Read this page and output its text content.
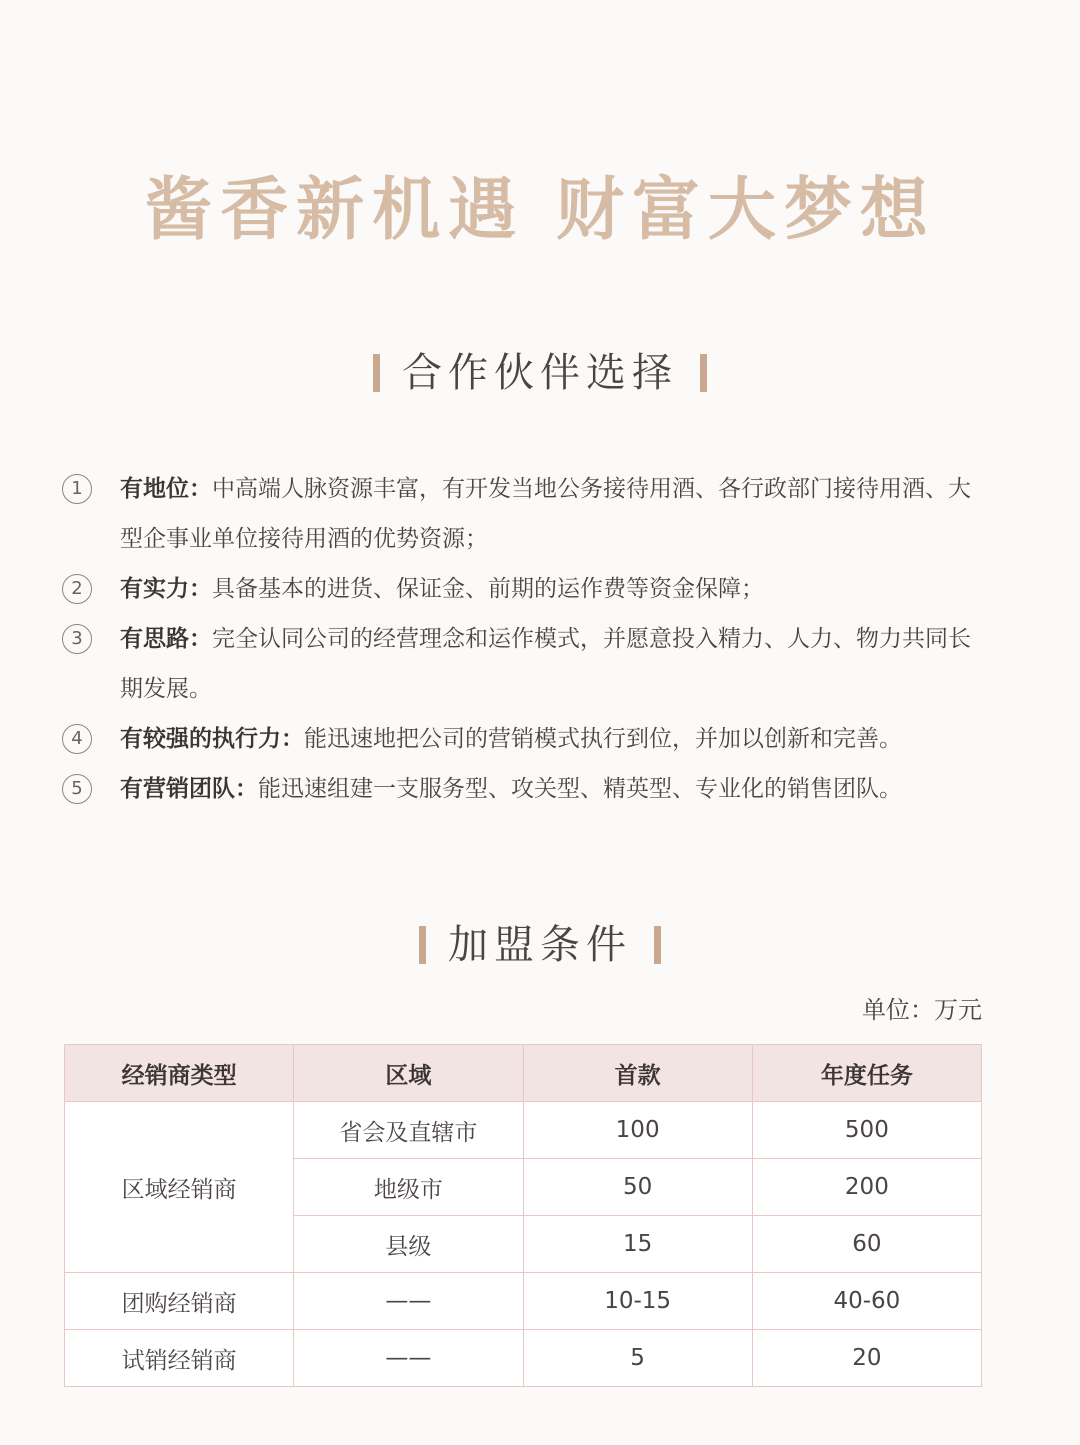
酱香新机遇 财富大梦想
合作伙伴选择
1	有地位：中高端人脉资源丰富，有开发当地公务接待用酒、各行政部门接待用酒、大型企事业单位接待用酒的优势资源；
2	有实力：具备基本的进货、保证金、前期的运作费等资金保障；
3	有思路：完全认同公司的经营理念和运作模式，并愿意投入精力、人力、物力共同长期发展。
4	有较强的执行力：能迅速地把公司的营销模式执行到位，并加以创新和完善。
5	有营销团队：能迅速组建一支服务型、攻关型、精英型、专业化的销售团队。
加盟条件
单位：万元
经销商类型	区域	首款	年度任务
区域经销商	省会及直辖市	100	500
	地级市	50	200
	县级	15	60
团购经销商	——	10-15	40-60
试销经销商	——	5	20
